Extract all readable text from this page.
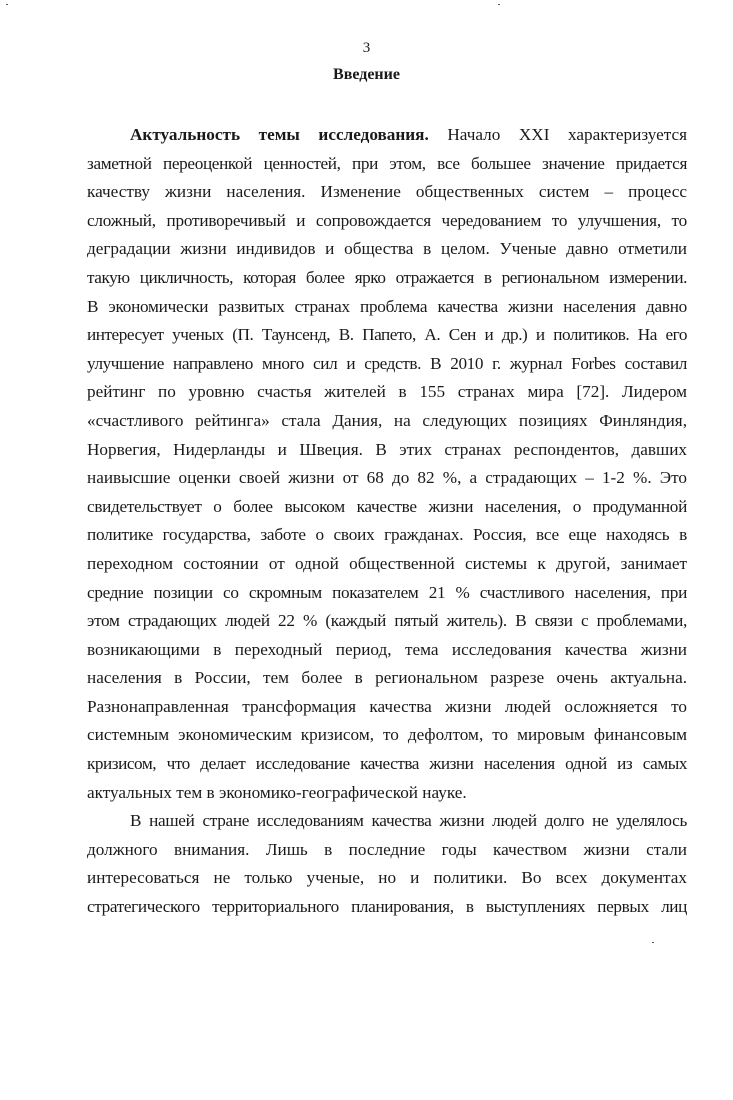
3
Введение
Актуальность темы исследования. Начало XXI характеризуется
заметной переоценкой ценностей, при этом, все большее значение придается
качеству жизни населения. Изменение общественных систем – процесс
сложный, противоречивый и сопровождается чередованием то улучшения, то
деградации жизни индивидов и общества в целом. Ученые давно отметили
такую цикличность, которая более ярко отражается в региональном измерении.
В экономически развитых странах проблема качества жизни населения давно
интересует ученых (П. Таунсенд, В. Папето, А. Сен и др.) и политиков. На его
улучшение направлено много сил и средств. В 2010 г. журнал Forbes составил
рейтинг по уровню счастья жителей в 155 странах мира [72]. Лидером
«счастливого рейтинга» стала Дания, на следующих позициях Финляндия,
Норвегия, Нидерланды и Швеция. В этих странах респондентов, давших
наивысшие оценки своей жизни от 68 до 82 %, а страдающих – 1-2 %. Это
свидетельствует о более высоком качестве жизни населения, о продуманной
политике государства, заботе о своих гражданах. Россия, все еще находясь в
переходном состоянии от одной общественной системы к другой, занимает
средние позиции со скромным показателем 21 % счастливого населения, при
этом страдающих людей 22 % (каждый пятый житель). В связи с проблемами,
возникающими в переходный период, тема исследования качества жизни
населения в России, тем более в региональном разрезе очень актуальна.
Разнонаправленная трансформация качества жизни людей осложняется то
системным экономическим кризисом, то дефолтом, то мировым финансовым
кризисом, что делает исследование качества жизни населения одной из самых
актуальных тем в экономико-географической науке.
В нашей стране исследованиям качества жизни людей долго не уделялось
должного внимания. Лишь в последние годы качеством жизни стали
интересоваться не только ученые, но и политики. Во всех документах
стратегического территориального планирования, в выступлениях первых лиц
